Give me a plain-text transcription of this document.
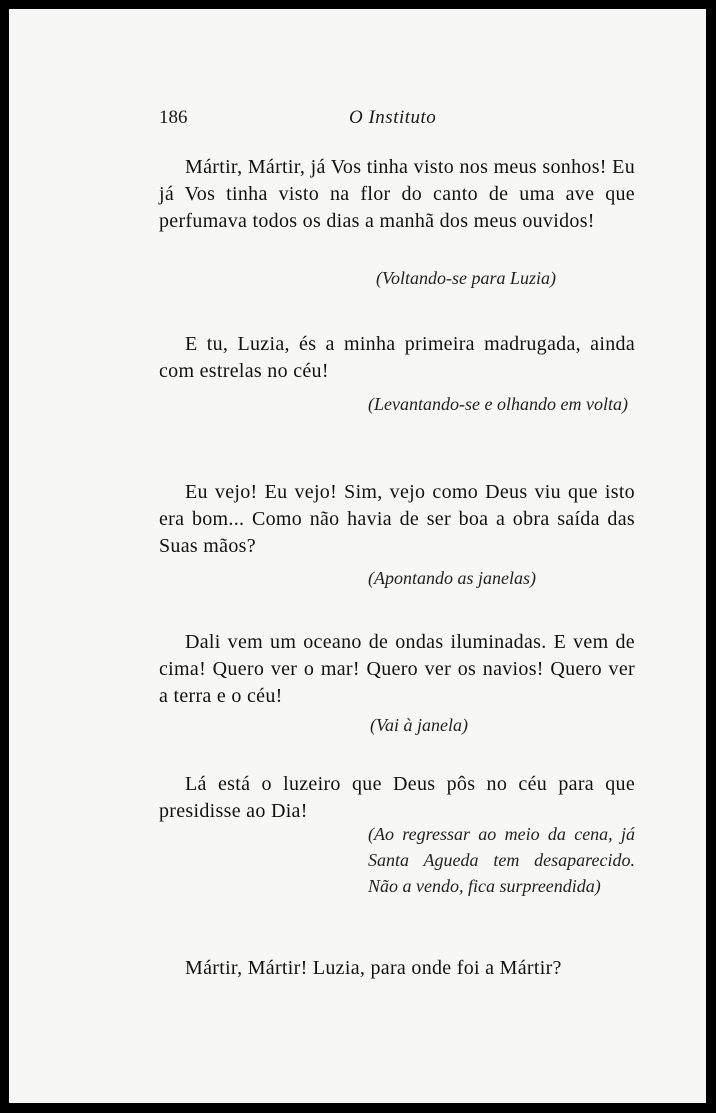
186	O Instituto

Mártir, Mártir, já Vos tinha visto nos meus sonhos! Eu já Vos tinha visto na flor do canto de uma ave que perfumava todos os dias a manhã dos meus ouvidos!

(Voltando-se para Luzia)

E tu, Luzia, és a minha primeira madrugada, ainda com estrelas no céu!

(Levantando-se e olhando em volta)

Eu vejo! Eu vejo! Sim, vejo como Deus viu que isto era bom... Como não havia de ser boa a obra saída das Suas mãos?

(Apontando as janelas)

Dali vem um oceano de ondas iluminadas. E vem de cima! Quero ver o mar! Quero ver os navios! Quero ver a terra e o céu!

(Vai à janela)

Lá está o luzeiro que Deus pôs no céu para que presidisse ao Dia!

(Ao regressar ao meio da cena, já Santa Agueda tem desaparecido. Não a vendo, fica surpreendida)

Mártir, Mártir! Luzia, para onde foi a Mártir?
